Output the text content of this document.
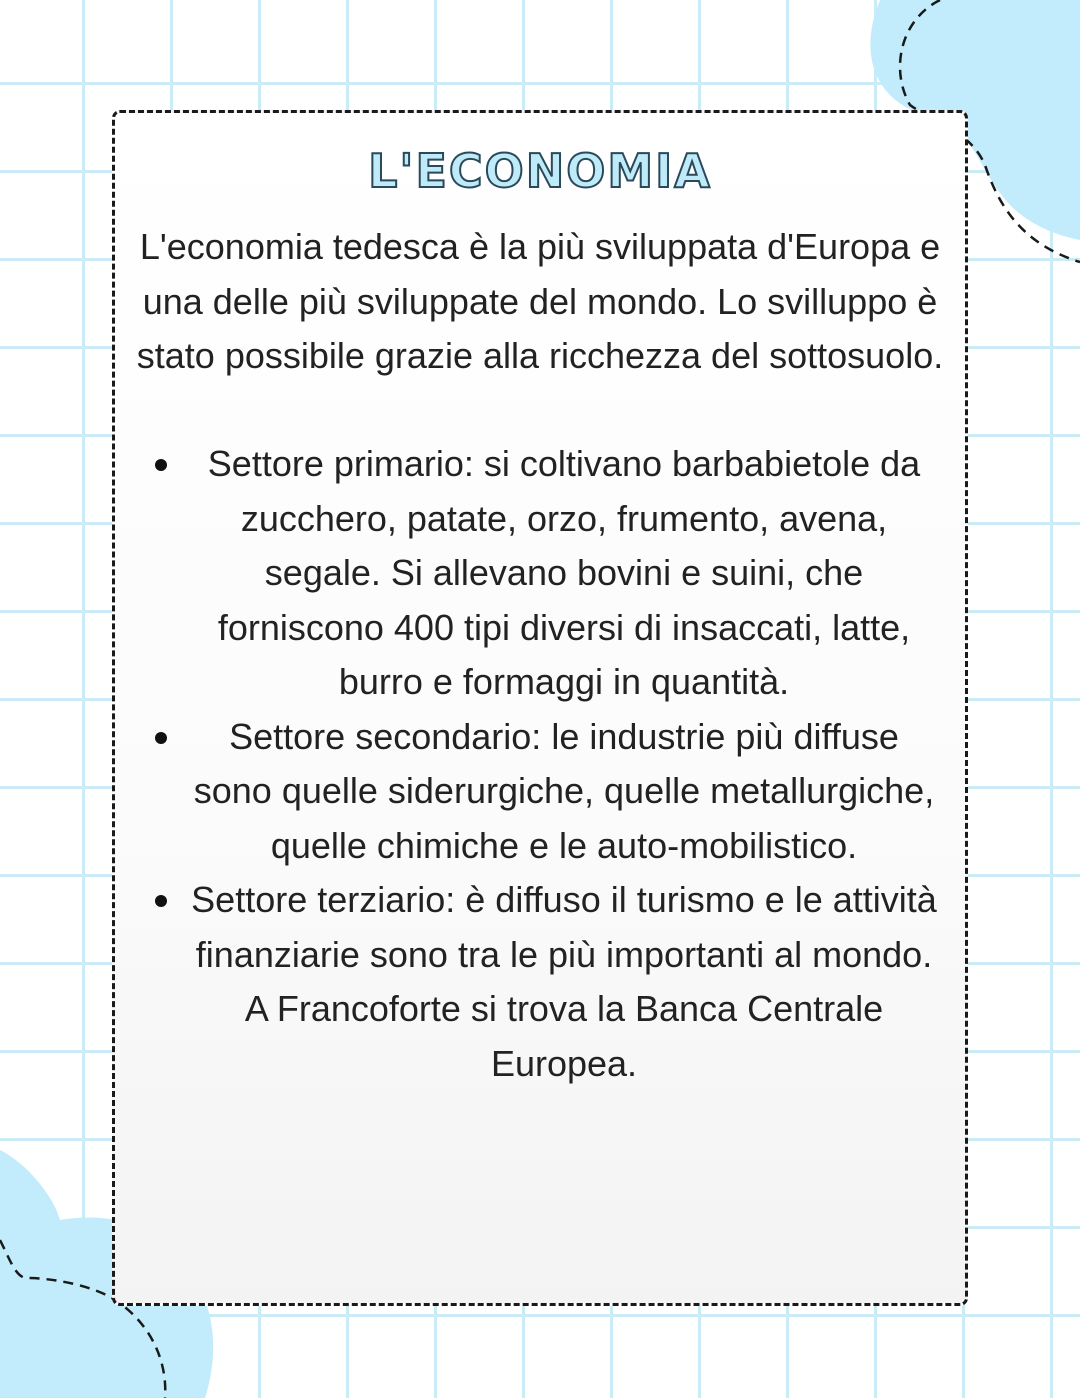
L'ECONOMIA

L'economia tedesca è la più sviluppata d'Europa e una delle più sviluppate del mondo. Lo svilluppo è stato possibile grazie alla ricchezza del sottosuolo.

Settore primario: si coltivano barbabietole da zucchero, patate, orzo, frumento, avena, segale. Si allevano bovini e suini, che forniscono 400 tipi diversi di insaccati, latte, burro e formaggi in quantità.
Settore secondario: le industrie più diffuse sono quelle siderurgiche, quelle metallurgiche, quelle chimiche e le auto-mobilistico.
Settore terziario: è diffuso il turismo e le attività finanziarie sono tra le più importanti al mondo. A Francoforte si trova la Banca Centrale Europea.
